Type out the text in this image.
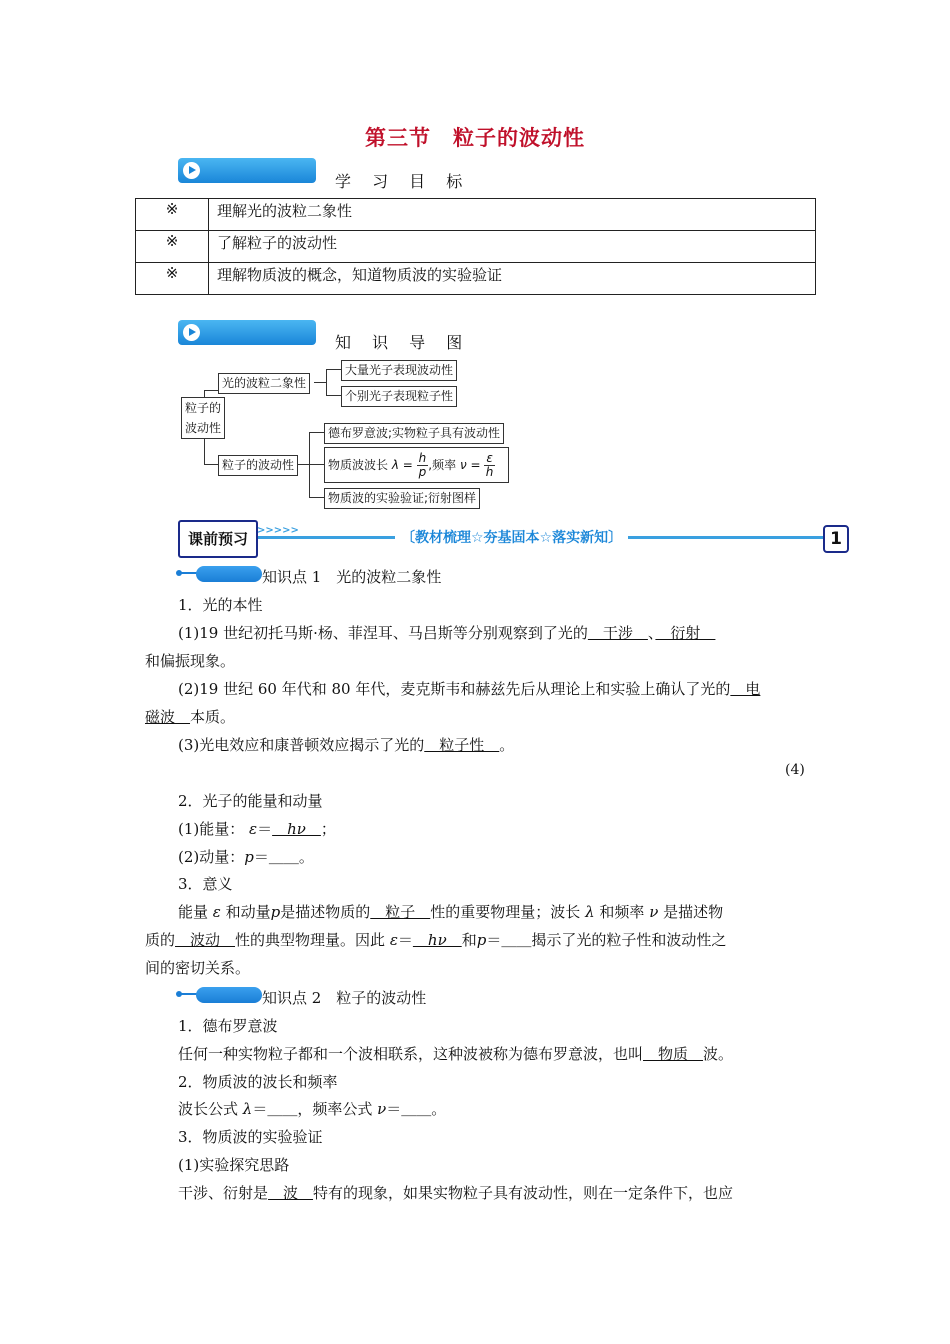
第三节　粒子的波动性
学 习 目 标
※	理解光的波粒二象性
※	了解粒子的波动性
※	理解物质波的概念，知道物质波的实验验证
知 识 导 图
粒子的
波动性
光的波粒二象性
大量光子表现波动性
个别光子表现粒子性
粒子的波动性
德布罗意波;实物粒子具有波动性
物质波波长 $\lambda = \frac{h}{p}$ ,频率 $\nu = \frac{\varepsilon}{h}$
物质波的实验验证;衍射图样
课前预习 >>>>>	〔教材梳理☆夯基固本☆落实新知〕	1
知识点 1　光的波粒二象性
1．光的本性
(1)19 世纪初托马斯·杨、菲涅耳、马吕斯等分别观察到了光的　干涉　、　衍射　
和偏振现象。
(2)19 世纪 60 年代和 80 年代，麦克斯韦和赫兹先后从理论上和实验上确认了光的　电
磁波　本质。
(3)光电效应和康普顿效应揭示了光的　粒子性　。
(4)
2．光子的能量和动量
(1)能量： ε＝　hν　；
(2)动量：p＝＿＿。
3．意义
能量 ε 和动量p是描述物质的　粒子　性的重要物理量；波长 λ 和频率 ν 是描述物
质的　波动　性的典型物理量。因此 ε＝　hν　和p＝＿＿揭示了光的粒子性和波动性之
间的密切关系。
知识点 2　粒子的波动性
1．德布罗意波
任何一种实物粒子都和一个波相联系，这种波被称为德布罗意波，也叫　物质　波。
2．物质波的波长和频率
波长公式 λ＝＿＿，频率公式 ν＝＿＿。
3．物质波的实验验证
(1)实验探究思路
干涉、衍射是　波　特有的现象，如果实物粒子具有波动性，则在一定条件下，也应
